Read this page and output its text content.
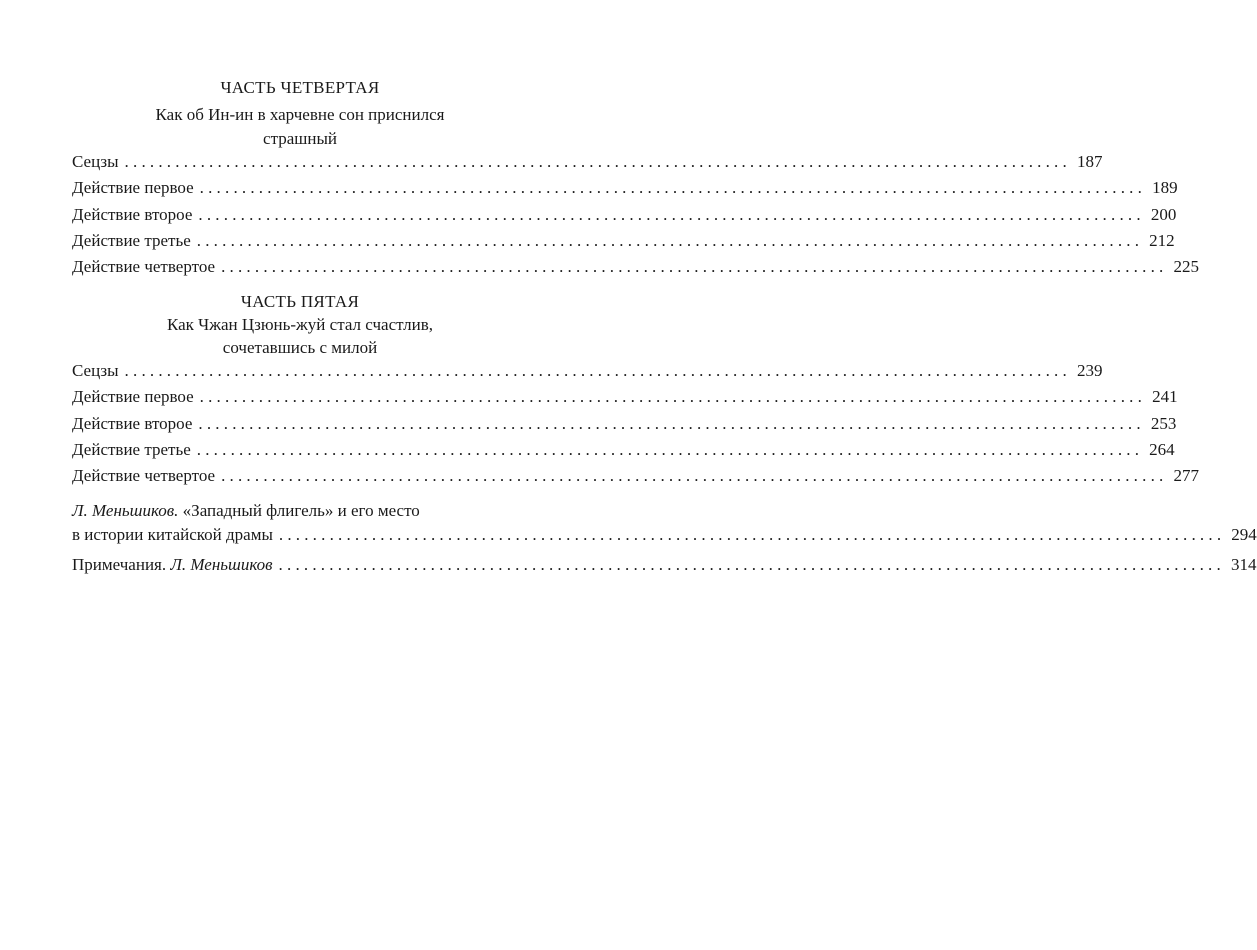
ЧАСТЬ ЧЕТВЕРТАЯ
Как об Ин-ин в харчевне сон приснился
страшный
Сецзы ................................................................................................................ 187
Действие первое ................................................................................................................ 189
Действие второе ................................................................................................................ 200
Действие третье ................................................................................................................ 212
Действие четвертое ................................................................................................................ 225
ЧАСТЬ ПЯТАЯ
Как Чжан Цзюнь-жуй стал счастлив,
сочетавшись с милой
Сецзы ................................................................................................................ 239
Действие первое ................................................................................................................ 241
Действие второе ................................................................................................................ 253
Действие третье ................................................................................................................ 264
Действие четвертое ................................................................................................................ 277
Л. Меньшиков. «Западный флигель» и его место
в истории китайской драмы ................................................................................................................ 294
Примечания. Л. Меньшиков ................................................................................................................ 314
